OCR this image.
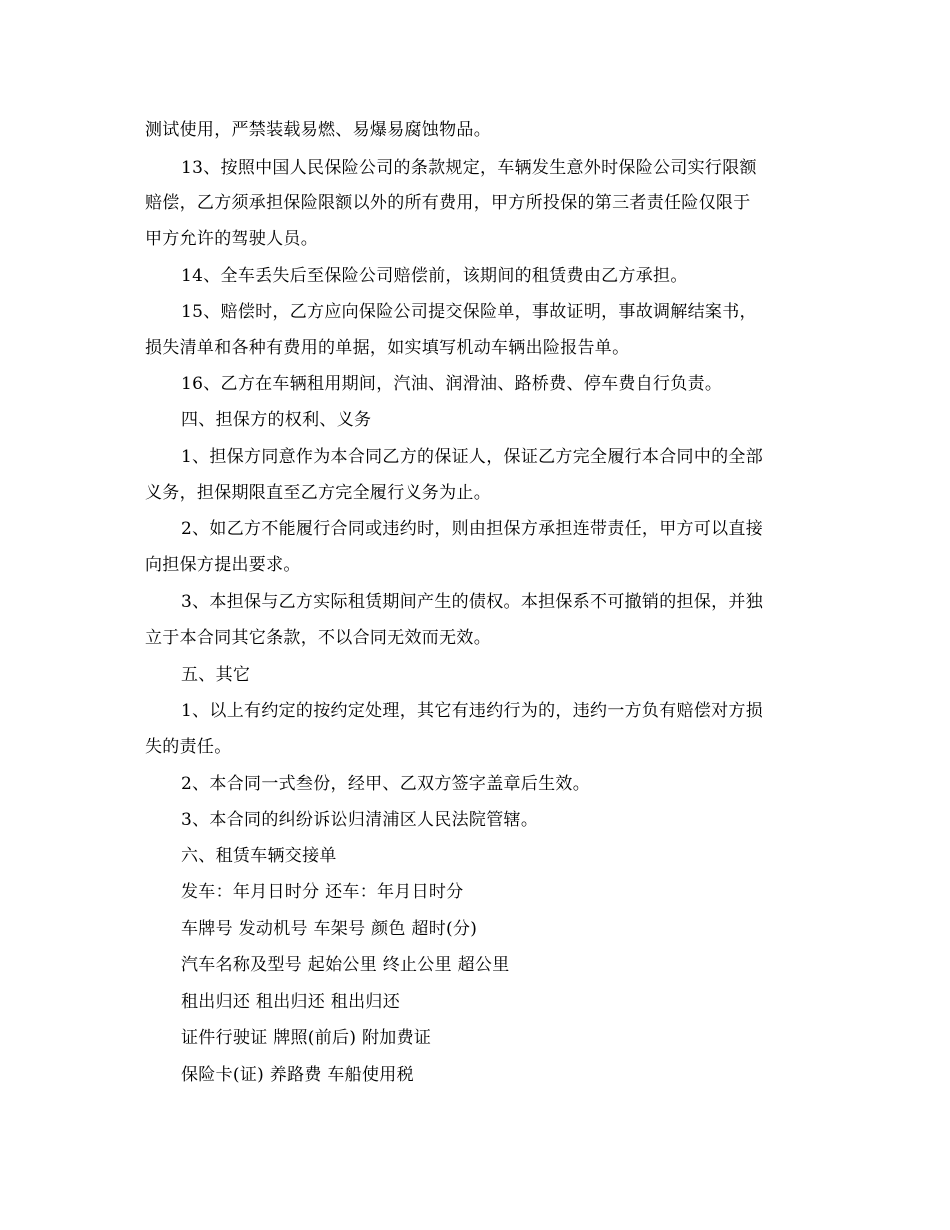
测试使用，严禁装载易燃、易爆易腐蚀物品。
13、按照中国人民保险公司的条款规定，车辆发生意外时保险公司实行限额
赔偿，乙方须承担保险限额以外的所有费用，甲方所投保的第三者责任险仅限于
甲方允许的驾驶人员。
14、全车丢失后至保险公司赔偿前，该期间的租赁费由乙方承担。
15、赔偿时，乙方应向保险公司提交保险单，事故证明，事故调解结案书，
损失清单和各种有费用的单据，如实填写机动车辆出险报告单。
16、乙方在车辆租用期间，汽油、润滑油、路桥费、停车费自行负责。
四、担保方的权利、义务
1、担保方同意作为本合同乙方的保证人，保证乙方完全履行本合同中的全部
义务，担保期限直至乙方完全履行义务为止。
2、如乙方不能履行合同或违约时，则由担保方承担连带责任，甲方可以直接
向担保方提出要求。
3、本担保与乙方实际租赁期间产生的债权。本担保系不可撤销的担保，并独
立于本合同其它条款，不以合同无效而无效。
五、其它
1、以上有约定的按约定处理，其它有违约行为的，违约一方负有赔偿对方损
失的责任。
2、本合同一式叁份，经甲、乙双方签字盖章后生效。
3、本合同的纠纷诉讼归清浦区人民法院管辖。
六、租赁车辆交接单
发车：年月日时分 还车：年月日时分
车牌号 发动机号 车架号 颜色 超时(分)
汽车名称及型号 起始公里 终止公里 超公里
租出归还 租出归还 租出归还
证件行驶证 牌照(前后) 附加费证
保险卡(证) 养路费 车船使用税
